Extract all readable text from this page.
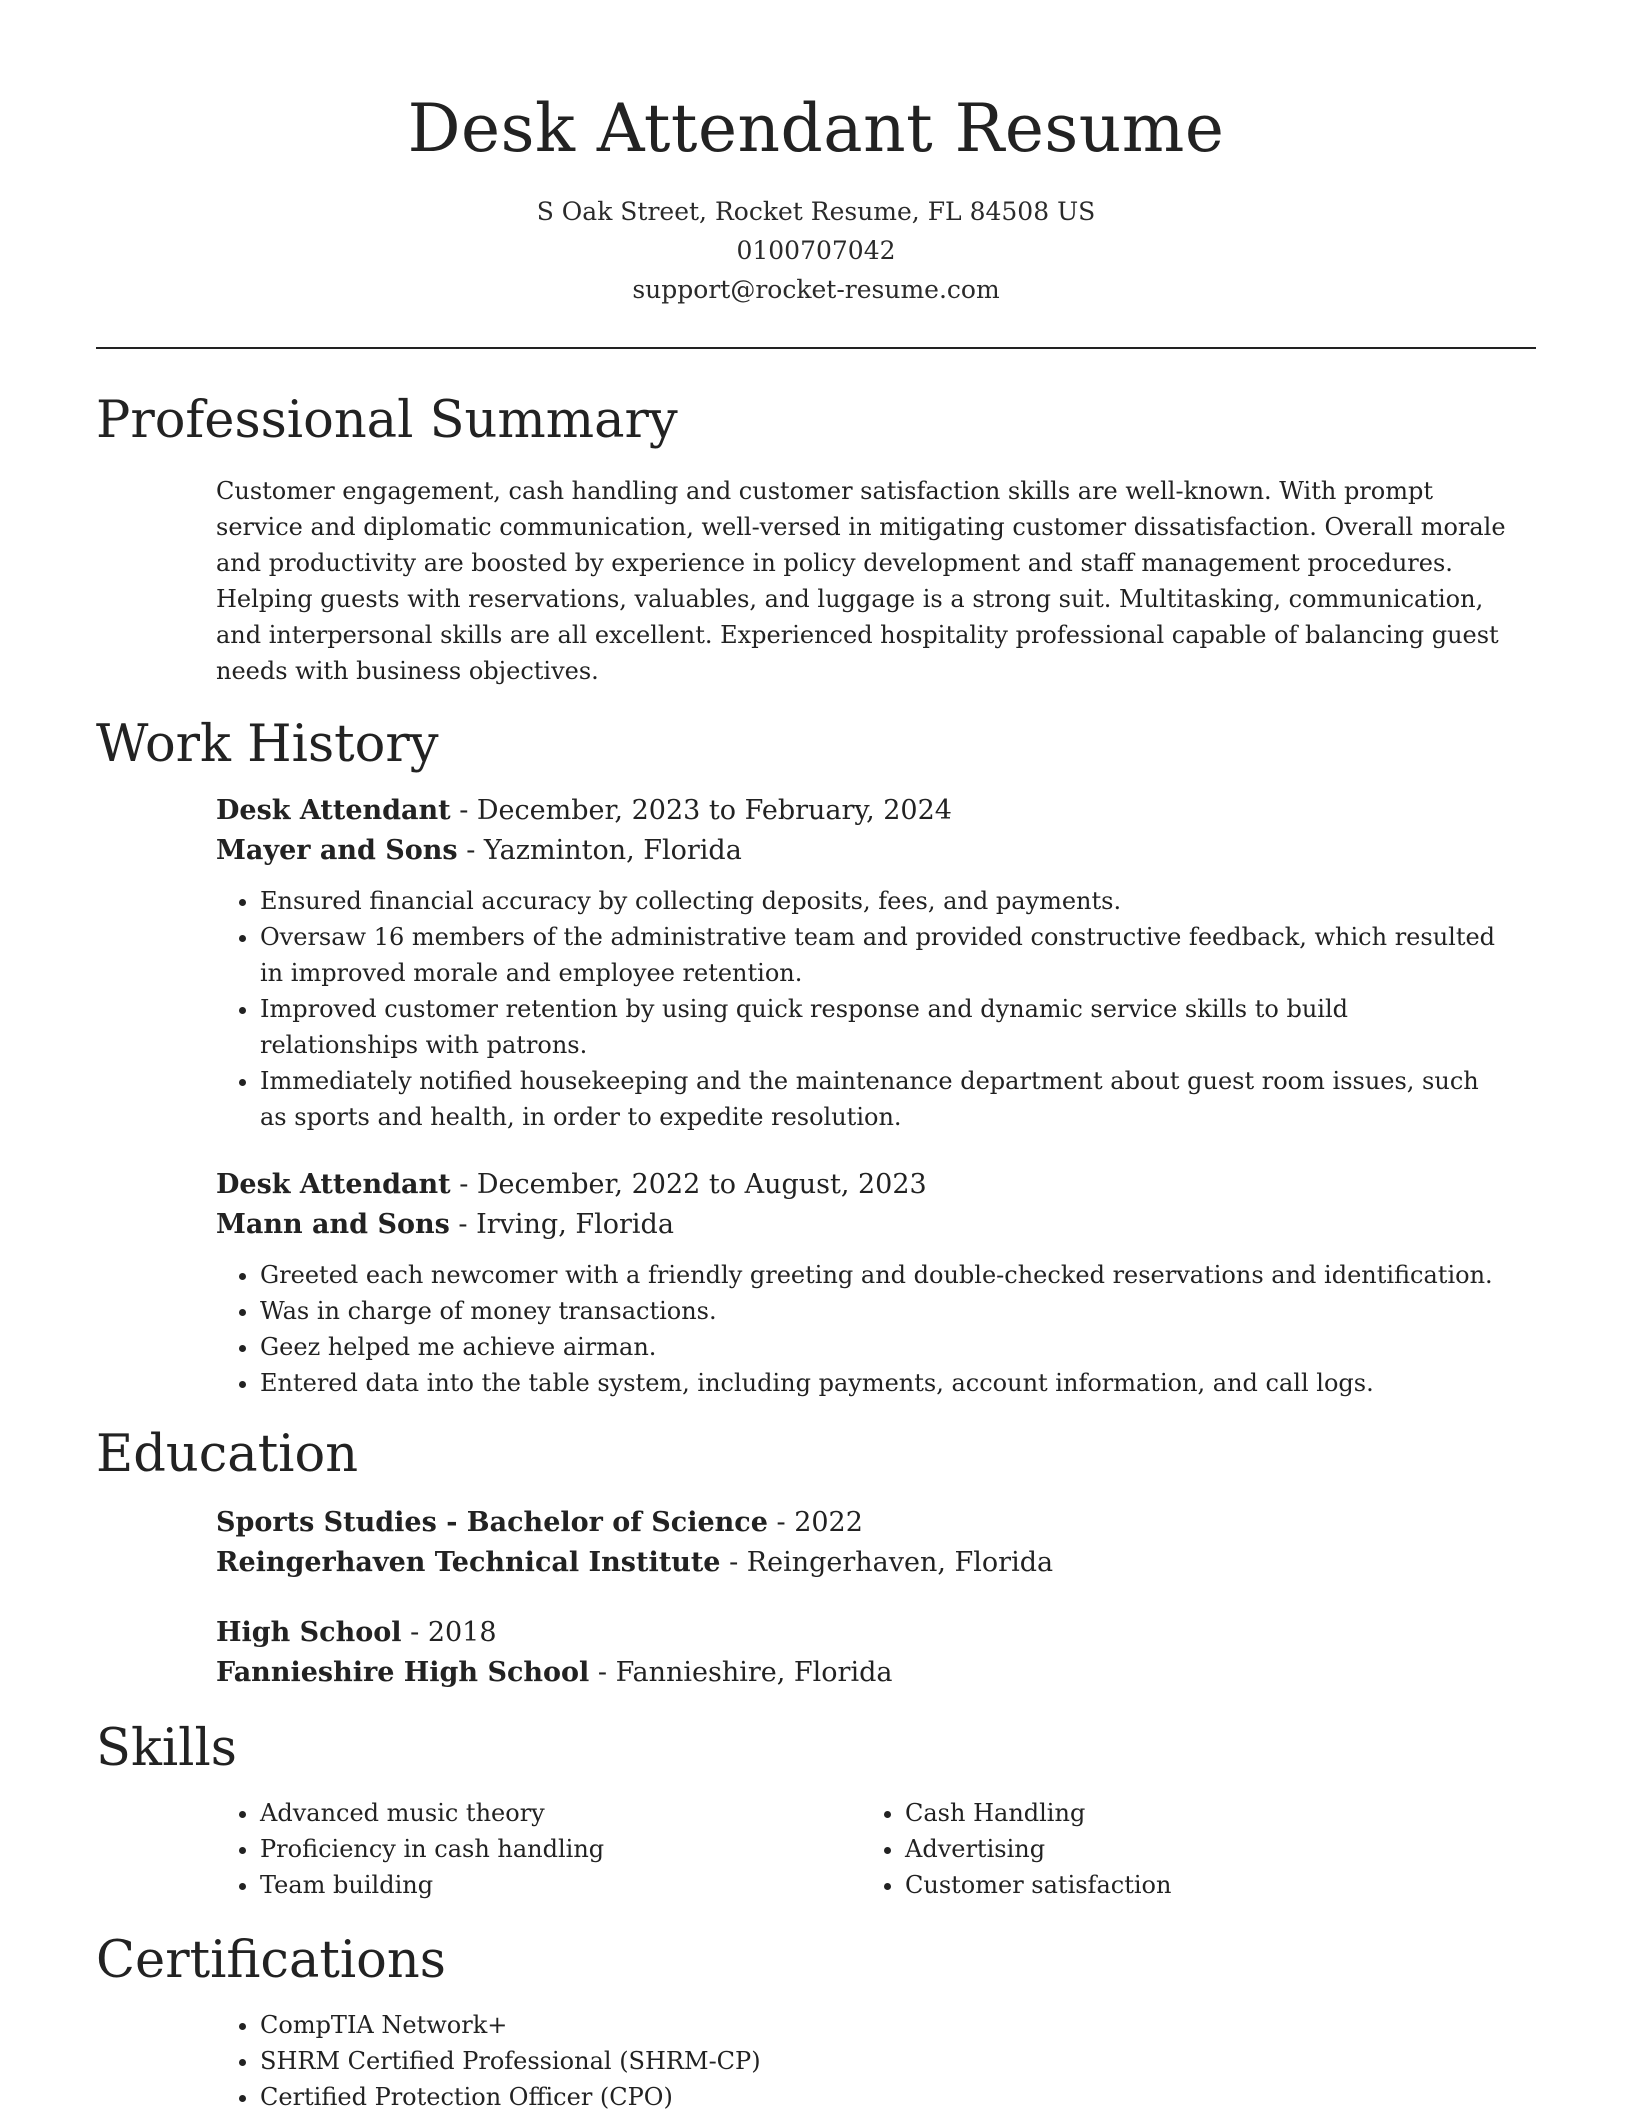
Desk Attendant Resume
S Oak Street, Rocket Resume, FL 84508 US
0100707042
support@rocket-resume.com
Professional Summary
Customer engagement, cash handling and customer satisfaction skills are well-known. With prompt service and diplomatic communication, well-versed in mitigating customer dissatisfaction. Overall morale and productivity are boosted by experience in policy development and staff management procedures. Helping guests with reservations, valuables, and luggage is a strong suit. Multitasking, communication, and interpersonal skills are all excellent. Experienced hospitality professional capable of balancing guest needs with business objectives.
Work History
Desk Attendant - December, 2023 to February, 2024
Mayer and Sons - Yazminton, Florida
• Ensured financial accuracy by collecting deposits, fees, and payments.
• Oversaw 16 members of the administrative team and provided constructive feedback, which resulted in improved morale and employee retention.
• Improved customer retention by using quick response and dynamic service skills to build relationships with patrons.
• Immediately notified housekeeping and the maintenance department about guest room issues, such as sports and health, in order to expedite resolution.
Desk Attendant - December, 2022 to August, 2023
Mann and Sons - Irving, Florida
• Greeted each newcomer with a friendly greeting and double-checked reservations and identification.
• Was in charge of money transactions.
• Geez helped me achieve airman.
• Entered data into the table system, including payments, account information, and call logs.
Education
Sports Studies - Bachelor of Science - 2022
Reingerhaven Technical Institute - Reingerhaven, Florida
High School - 2018
Fannieshire High School - Fannieshire, Florida
Skills
• Advanced music theory
• Proficiency in cash handling
• Team building
• Cash Handling
• Advertising
• Customer satisfaction
Certifications
• CompTIA Network+
• SHRM Certified Professional (SHRM-CP)
• Certified Protection Officer (CPO)
